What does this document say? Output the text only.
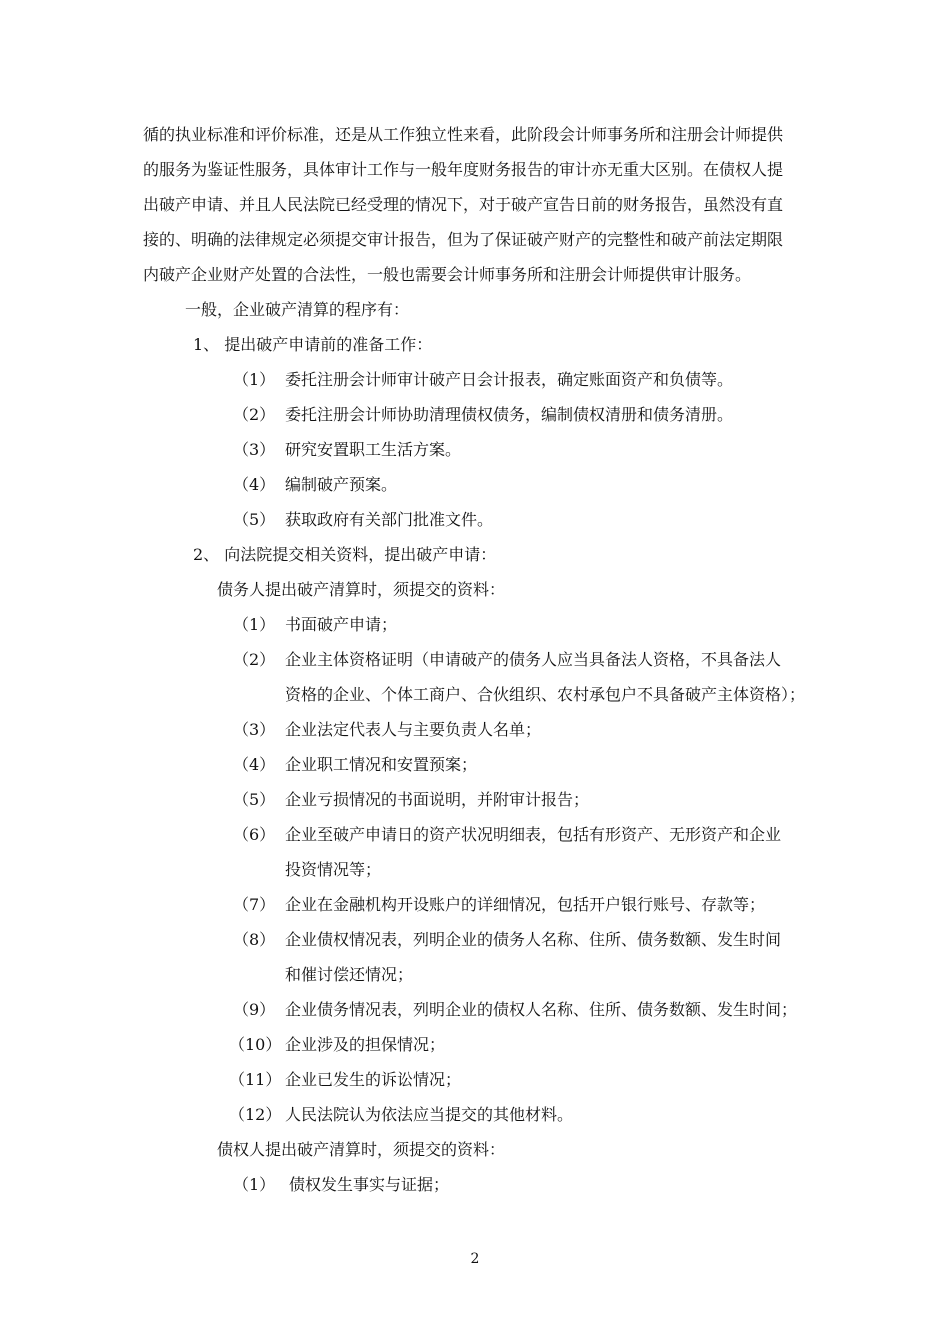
循的执业标准和评价标准，还是从工作独立性来看，此阶段会计师事务所和注册会计师提供
的服务为鉴证性服务，具体审计工作与一般年度财务报告的审计亦无重大区别。在债权人提
出破产申请、并且人民法院已经受理的情况下，对于破产宣告日前的财务报告，虽然没有直
接的、明确的法律规定必须提交审计报告，但为了保证破产财产的完整性和破产前法定期限
内破产企业财产处置的合法性，一般也需要会计师事务所和注册会计师提供审计服务。
一般，企业破产清算的程序有：
1、 提出破产申请前的准备工作：
（1） 委托注册会计师审计破产日会计报表，确定账面资产和负债等。
（2） 委托注册会计师协助清理债权债务，编制债权清册和债务清册。
（3） 研究安置职工生活方案。
（4） 编制破产预案。
（5） 获取政府有关部门批准文件。
2、 向法院提交相关资料，提出破产申请：
债务人提出破产清算时，须提交的资料：
（1） 书面破产申请；
（2） 企业主体资格证明（申请破产的债务人应当具备法人资格，不具备法人
资格的企业、个体工商户、合伙组织、农村承包户不具备破产主体资格）；
（3） 企业法定代表人与主要负责人名单；
（4） 企业职工情况和安置预案；
（5） 企业亏损情况的书面说明，并附审计报告；
（6） 企业至破产申请日的资产状况明细表，包括有形资产、无形资产和企业
投资情况等；
（7） 企业在金融机构开设账户的详细情况，包括开户银行账号、存款等；
（8） 企业债权情况表，列明企业的债务人名称、住所、债务数额、发生时间
和催讨偿还情况；
（9） 企业债务情况表，列明企业的债权人名称、住所、债务数额、发生时间；
（10） 企业涉及的担保情况；
（11） 企业已发生的诉讼情况；
（12） 人民法院认为依法应当提交的其他材料。
债权人提出破产清算时，须提交的资料：
（1） 债权发生事实与证据；
2
